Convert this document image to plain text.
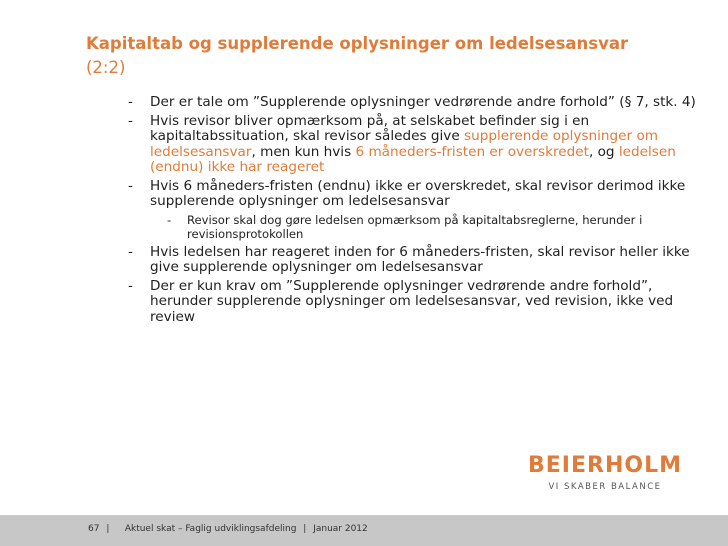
Kapitaltab og supplerende oplysninger om ledelsesansvar
(2:2)
- Der er tale om ”Supplerende oplysninger vedrørende andre forhold” (§ 7, stk. 4)
- Hvis revisor bliver opmærksom på, at selskabet befinder sig i en kapitaltabssituation, skal revisor således give supplerende oplysninger om ledelsesansvar, men kun hvis 6 måneders-fristen er overskredet, og ledelsen (endnu) ikke har reageret
- Hvis 6 måneders-fristen (endnu) ikke er overskredet, skal revisor derimod ikke supplerende oplysninger om ledelsesansvar
- Revisor skal dog gøre ledelsen opmærksom på kapitaltabsreglerne, herunder i revisionsprotokollen
- Hvis ledelsen har reageret inden for 6 måneders-fristen, skal revisor heller ikke give supplerende oplysninger om ledelsesansvar
- Der er kun krav om ”Supplerende oplysninger vedrørende andre forhold”, herunder supplerende oplysninger om ledelsesansvar, ved revision, ikke ved review
BEIERHOLM
VI SKABER BALANCE
67 | Aktuel skat – Faglig udviklingsafdeling | Januar 2012
